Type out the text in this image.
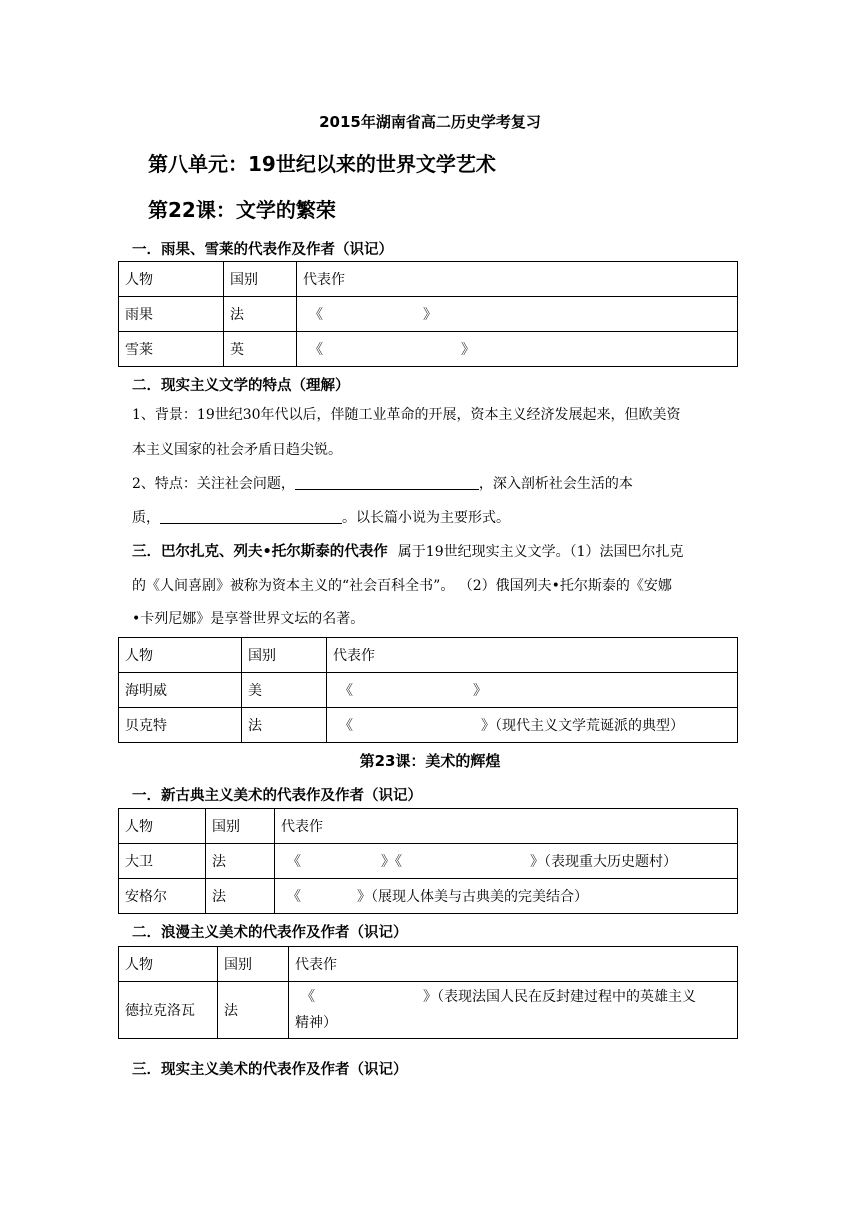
2015年湖南省高二历史学考复习
第八单元：19世纪以来的世界文学艺术
第22课：文学的繁荣
一．雨果、雪莱的代表作及作者（识记）
人物	国别	代表作
雨果	法	《 》
雪莱	英	《 》
二．现实主义文学的特点（理解）
1、背景：19世纪30年代以后，伴随工业革命的开展，资本主义经济发展起来，但欧美资
本主义国家的社会矛盾日趋尖锐。
2、特点：关注社会问题，	，深入剖析社会生活的本
质，	。以长篇小说为主要形式。
三．巴尔扎克、列夫•托尔斯泰的代表作 属于19世纪现实主义文学。（1）法国巴尔扎克
的《人间喜剧》被称为资本主义的“社会百科全书”。 （2）俄国列夫•托尔斯泰的《安娜
•卡列尼娜》是享誉世界文坛的名著。
人物	国别	代表作
海明威	美	《 》
贝克特	法	《 》（现代主义文学荒诞派的典型）
第23课：美术的辉煌
一．新古典主义美术的代表作及作者（识记）
人物	国别	代表作
大卫	法	《 》《 》（表现重大历史题村）
安格尔	法	《 》（展现人体美与古典美的完美结合）
二．浪漫主义美术的代表作及作者（识记）
人物	国别	代表作
德拉克洛瓦	法	《 》（表现法国人民在反封建过程中的英雄主义
精神）
三．现实主义美术的代表作及作者（识记）
